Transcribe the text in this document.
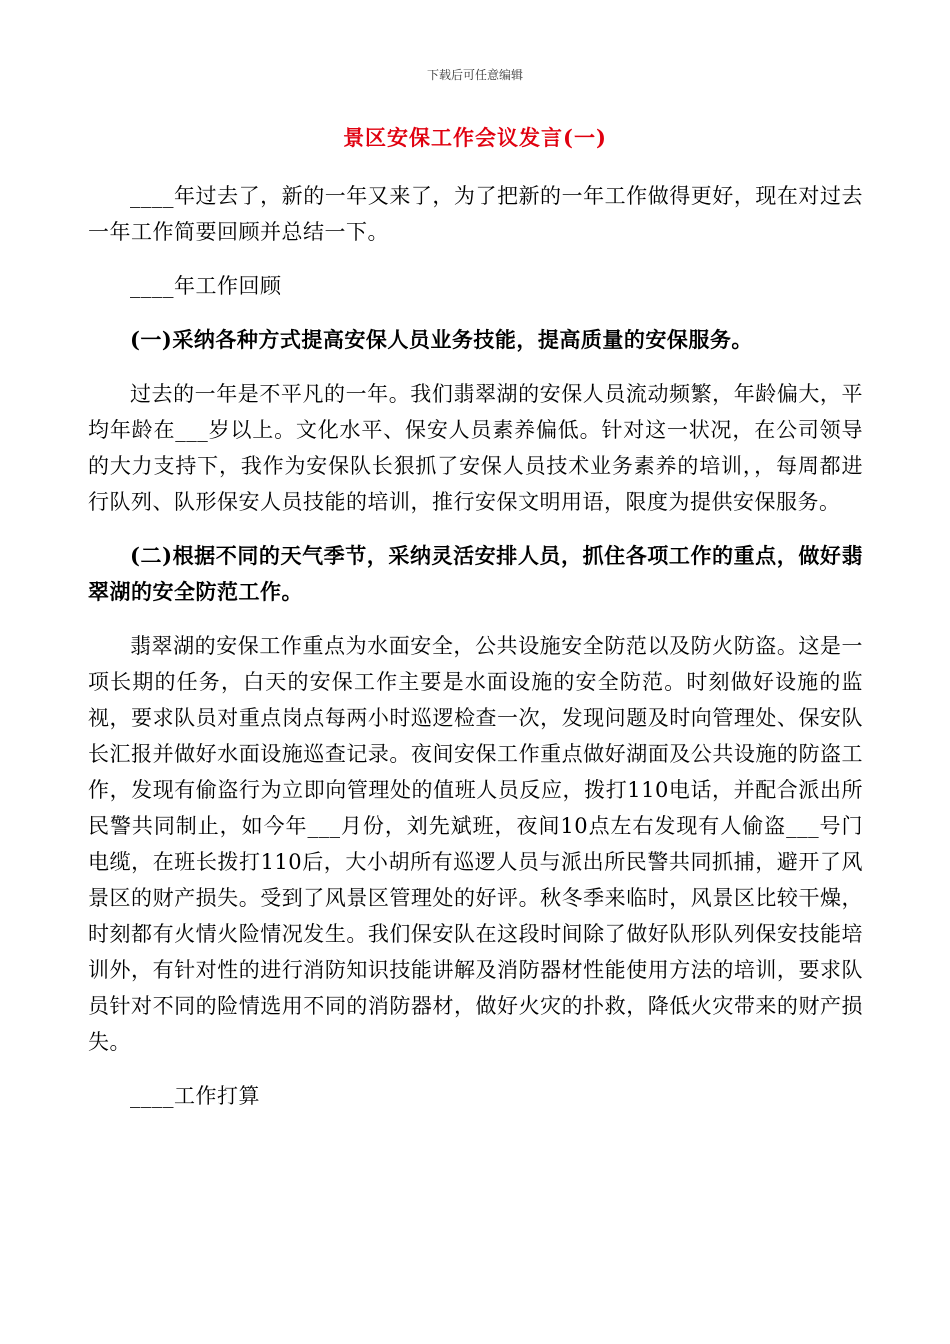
下载后可任意编辑
景区安保工作会议发言(一)

____年过去了，新的一年又来了，为了把新的一年工作做得更好，现在对过去一年工作简要回顾并总结一下。

____年工作回顾

(一)采纳各种方式提高安保人员业务技能，提高质量的安保服务。

过去的一年是不平凡的一年。我们翡翠湖的安保人员流动频繁，年龄偏大，平均年龄在___岁以上。文化水平、保安人员素养偏低。针对这一状况，在公司领导的大力支持下，我作为安保队长狠抓了安保人员技术业务素养的培训，，每周都进行队列、队形保安人员技能的培训，推行安保文明用语，限度为提供安保服务。

(二)根据不同的天气季节，采纳灵活安排人员，抓住各项工作的重点，做好翡翠湖的安全防范工作。

翡翠湖的安保工作重点为水面安全，公共设施安全防范以及防火防盗。这是一项长期的任务，白天的安保工作主要是水面设施的安全防范。时刻做好设施的监视，要求队员对重点岗点每两小时巡逻检查一次，发现问题及时向管理处、保安队长汇报并做好水面设施巡查记录。夜间安保工作重点做好湖面及公共设施的防盗工作，发现有偷盗行为立即向管理处的值班人员反应，拨打110电话，并配合派出所民警共同制止，如今年___月份，刘先斌班，夜间10点左右发现有人偷盗___号门电缆，在班长拨打110后，大小胡所有巡逻人员与派出所民警共同抓捕，避开了风景区的财产损失。受到了风景区管理处的好评。秋冬季来临时，风景区比较干燥，时刻都有火情火险情况发生。我们保安队在这段时间除了做好队形队列保安技能培训外，有针对性的进行消防知识技能讲解及消防器材性能使用方法的培训，要求队员针对不同的险情选用不同的消防器材，做好火灾的扑救，降低火灾带来的财产损失。

____工作打算
